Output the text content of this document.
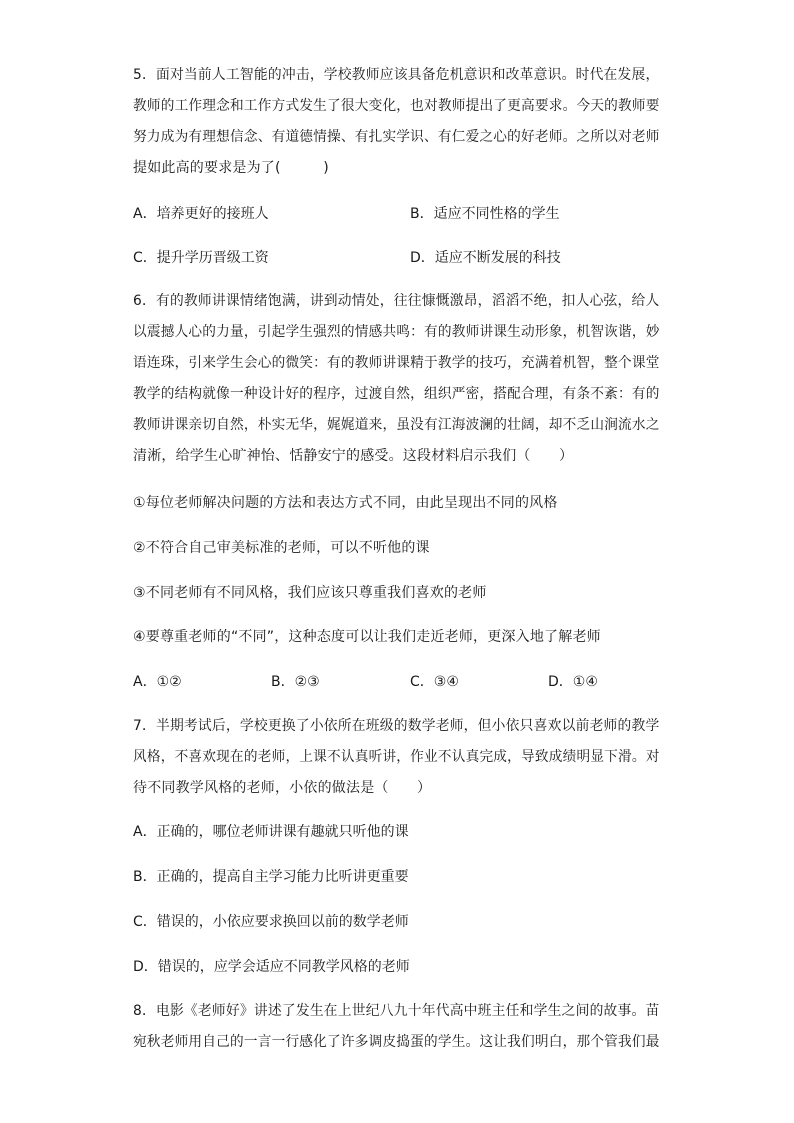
5．面对当前人工智能的冲击，学校教师应该具备危机意识和改革意识。时代在发展，
教师的工作理念和工作方式发生了很大变化，也对教师提出了更高要求。今天的教师要
努力成为有理想信念、有道德情操、有扎实学识、有仁爱之心的好老师。之所以对老师
提如此高的要求是为了(　　　)
A．培养更好的接班人	B．适应不同性格的学生
C．提升学历晋级工资	D．适应不断发展的科技
6．有的教师讲课情绪饱满，讲到动情处，往往慷慨激昂，滔滔不绝，扣人心弦，给人
以震撼人心的力量，引起学生强烈的情感共鸣：有的教师讲课生动形象，机智诙谐，妙
语连珠，引来学生会心的微笑：有的教师讲课精于教学的技巧，充满着机智，整个课堂
教学的结构就像一种设计好的程序，过渡自然，组织严密，搭配合理，有条不紊：有的
教师讲课亲切自然，朴实无华，娓娓道来，虽没有江海波澜的壮阔，却不乏山涧流水之
清淅，给学生心旷神怡、恬静安宁的感受。这段材料启示我们（　　）
①每位老师解决问题的方法和表达方式不同，由此呈现出不同的风格
②不符合自己审美标准的老师，可以不听他的课
③不同老师有不同风格，我们应该只尊重我们喜欢的老师
④要尊重老师的“不同”，这种态度可以让我们走近老师，更深入地了解老师
A．①②	B．②③	C．③④	D．①④
7．半期考试后，学校更换了小依所在班级的数学老师，但小依只喜欢以前老师的教学
风格，不喜欢现在的老师，上课不认真听讲，作业不认真完成，导致成绩明显下滑。对
待不同教学风格的老师，小依的做法是（　　）
A．正确的，哪位老师讲课有趣就只听他的课
B．正确的，提高自主学习能力比听讲更重要
C．错误的，小依应要求换回以前的数学老师
D．错误的，应学会适应不同教学风格的老师
8．电影《老师好》讲述了发生在上世纪八九十年代高中班主任和学生之间的故事。苗
宛秋老师用自己的一言一行感化了许多调皮捣蛋的学生。这让我们明白，那个管我们最
